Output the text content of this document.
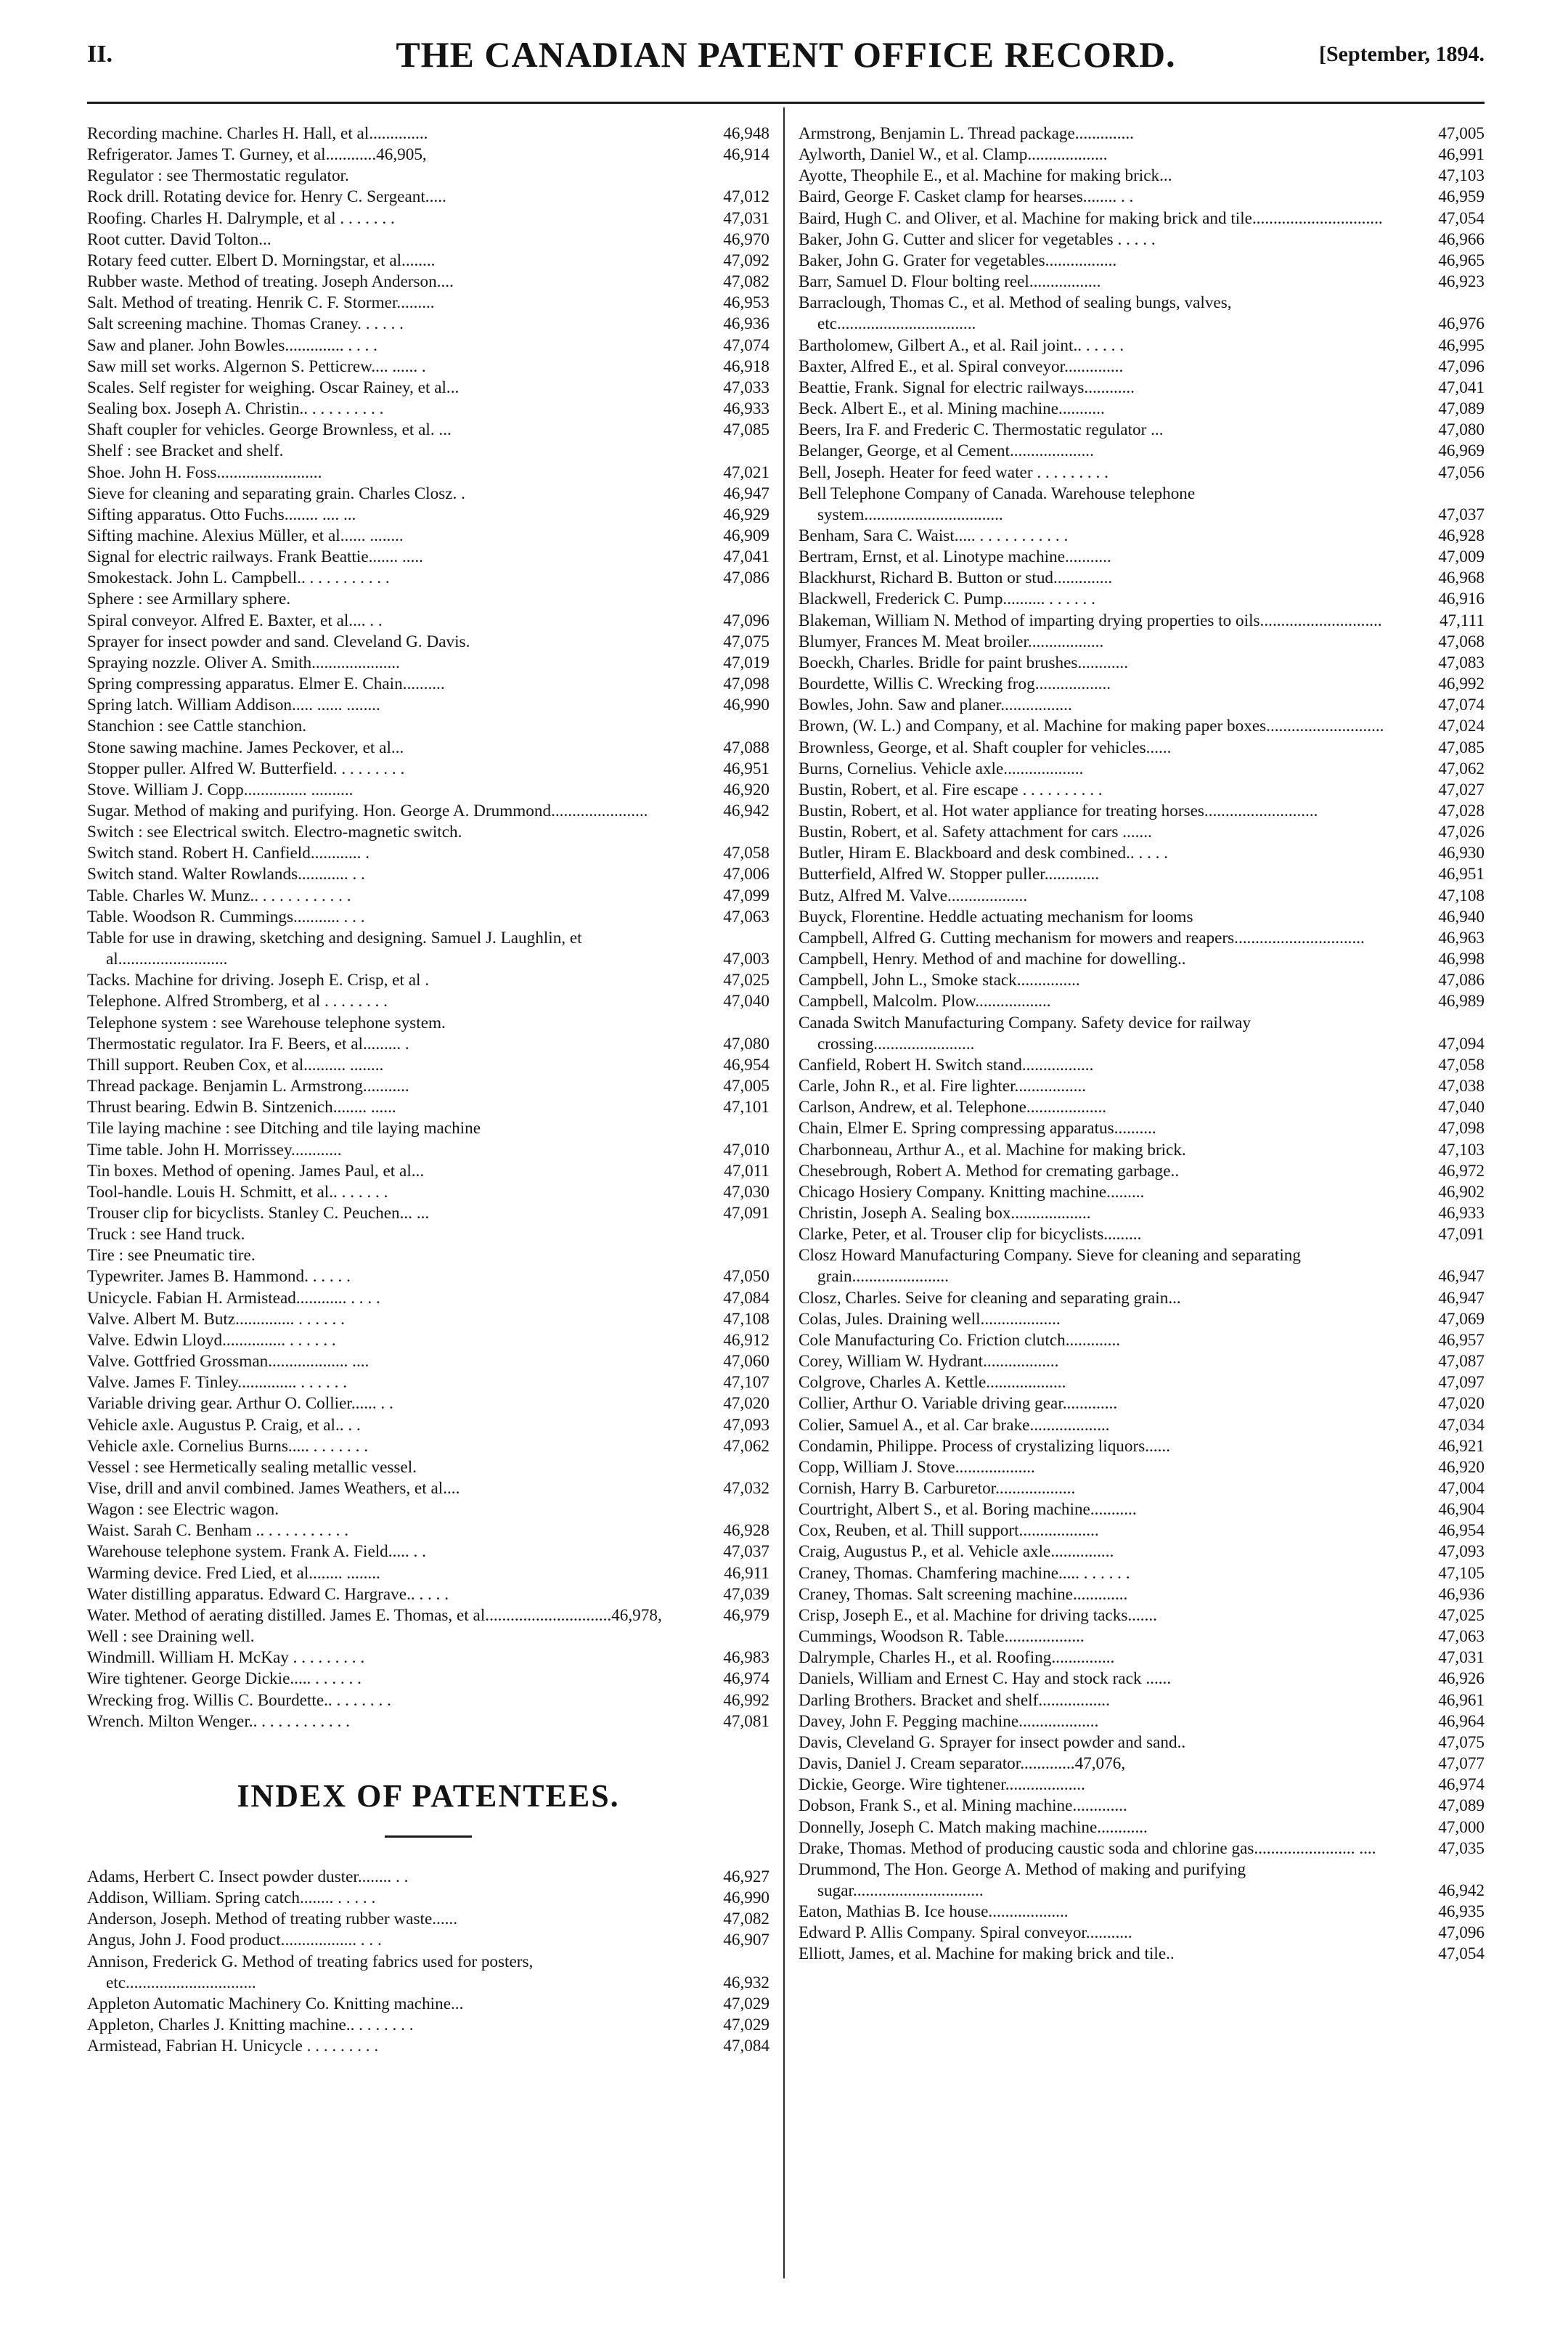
II.	THE CANADIAN PATENT OFFICE RECORD.	[September, 1894.
Recording machine. Charles H. Hall, et al..............	46,948
Refrigerator. James T. Gurney, et al............46,905,	46,914
Regulator : see Thermostatic regulator.
Rock drill. Rotating device for. Henry C. Sergeant.....	47,012
Roofing. Charles H. Dalrymple, et al . . . . . . .	47,031
Root cutter. David Tolton...	46,970
Rotary feed cutter. Elbert D. Morningstar, et al........	47,092
Rubber waste. Method of treating. Joseph Anderson....	47,082
Salt. Method of treating. Henrik C. F. Stormer.........	46,953
Salt screening machine. Thomas Craney. . . . . .	46,936
Saw and planer. John Bowles.............. . . . .	47,074
Saw mill set works. Algernon S. Petticrew.... ...... .	46,918
Scales. Self register for weighing. Oscar Rainey, et al...	47,033
Sealing box. Joseph A. Christin.. . . . . . . . . .	46,933
Shaft coupler for vehicles. George Brownless, et al. ...	47,085
Shelf : see Bracket and shelf.
Shoe. John H. Foss.........................	47,021
Sieve for cleaning and separating grain. Charles Closz. .	46,947
Sifting apparatus. Otto Fuchs........ .... ...	46,929
Sifting machine. Alexius Müller, et al...... ........	46,909
Signal for electric railways. Frank Beattie....... .....	47,041
Smokestack. John L. Campbell.. . . . . . . . . . .	47,086
Sphere : see Armillary sphere.
Spiral conveyor. Alfred E. Baxter, et al.... . .	47,096
Sprayer for insect powder and sand. Cleveland G. Davis.	47,075
Spraying nozzle. Oliver A. Smith.....................	47,019
Spring compressing apparatus. Elmer E. Chain..........	47,098
Spring latch. William Addison..... ...... ........	46,990
Stanchion : see Cattle stanchion.
Stone sawing machine. James Peckover, et al...	47,088
Stopper puller. Alfred W. Butterfield. . . . . . . . .	46,951
Stove. William J. Copp............... ..........	46,920
Sugar. Method of making and purifying. Hon. George A. Drummond.......................	46,942
Switch : see Electrical switch. Electro-magnetic switch.
Switch stand. Robert H. Canfield............ .	47,058
Switch stand. Walter Rowlands............ . .	47,006
Table. Charles W. Munz.. . . . . . . . . . . .	47,099
Table. Woodson R. Cummings........... . . .	47,063
Table for use in drawing, sketching and designing. Samuel J. Laughlin, et al..........................	47,003
Tacks. Machine for driving. Joseph E. Crisp, et al .	47,025
Telephone. Alfred Stromberg, et al . . . . . . . .	47,040
Telephone system : see Warehouse telephone system.
Thermostatic regulator. Ira F. Beers, et al......... .	47,080
Thill support. Reuben Cox, et al.......... ........	46,954
Thread package. Benjamin L. Armstrong...........	47,005
Thrust bearing. Edwin B. Sintzenich........ ......	47,101
Tile laying machine : see Ditching and tile laying machine
Time table. John H. Morrissey............	47,010
Tin boxes. Method of opening. James Paul, et al...	47,011
Tool-handle. Louis H. Schmitt, et al.. . . . . . .	47,030
Trouser clip for bicyclists. Stanley C. Peuchen... ...	47,091
Truck : see Hand truck.
Tire : see Pneumatic tire.
Typewriter. James B. Hammond. . . . . .	47,050
Unicycle. Fabian H. Armistead............ . . . .	47,084
Valve. Albert M. Butz.............. . . . . . .	47,108
Valve. Edwin Lloyd............... . . . . . .	46,912
Valve. Gottfried Grossman................... ....	47,060
Valve. James F. Tinley.............. . . . . . .	47,107
Variable driving gear. Arthur O. Collier...... . .	47,020
Vehicle axle. Augustus P. Craig, et al.. . .	47,093
Vehicle axle. Cornelius Burns..... . . . . . . .	47,062
Vessel : see Hermetically sealing metallic vessel.
Vise, drill and anvil combined. James Weathers, et al....	47,032
Wagon : see Electric wagon.
Waist. Sarah C. Benham .. . . . . . . . . . .	46,928
Warehouse telephone system. Frank A. Field..... . .	47,037
Warming device. Fred Lied, et al........ ........	46,911
Water distilling apparatus. Edward C. Hargrave.. . . . .	47,039
Water. Method of aerating distilled. James E. Thomas, et al..............................46,978,	46,979
Well : see Draining well.
Windmill. William H. McKay . . . . . . . . .	46,983
Wire tightener. George Dickie..... . . . . . .	46,974
Wrecking frog. Willis C. Bourdette.. . . . . . . .	46,992
Wrench. Milton Wenger.. . . . . . . . . . . .	47,081
INDEX OF PATENTEES.
Adams, Herbert C. Insect powder duster........ . .	46,927
Addison, William. Spring catch........ . . . . .	46,990
Anderson, Joseph. Method of treating rubber waste......	47,082
Angus, John J. Food product.................. . . .	46,907
Annison, Frederick G. Method of treating fabrics used for posters, etc...............................	46,932
Appleton Automatic Machinery Co. Knitting machine...	47,029
Appleton, Charles J. Knitting machine.. . . . . . . .	47,029
Armistead, Fabrian H. Unicycle . . . . . . . . .	47,084
Armstrong, Benjamin L. Thread package..............	47,005
Aylworth, Daniel W., et al. Clamp...................	46,991
Ayotte, Theophile E., et al. Machine for making brick...	47,103
Baird, George F. Casket clamp for hearses........ . .	46,959
Baird, Hugh C. and Oliver, et al. Machine for making brick and tile...............................	47,054
Baker, John G. Cutter and slicer for vegetables . . . . .	46,966
Baker, John G. Grater for vegetables.................	46,965
Barr, Samuel D. Flour bolting reel.................	46,923
Barraclough, Thomas C., et al. Method of sealing bungs, valves, etc.................................	46,976
Bartholomew, Gilbert A., et al. Rail joint.. . . . . .	46,995
Baxter, Alfred E., et al. Spiral conveyor..............	47,096
Beattie, Frank. Signal for electric railways............	47,041
Beck. Albert E., et al. Mining machine...........	47,089
Beers, Ira F. and Frederic C. Thermostatic regulator ...	47,080
Belanger, George, et al Cement....................	46,969
Bell, Joseph. Heater for feed water . . . . . . . . .	47,056
Bell Telephone Company of Canada. Warehouse telephone system.................................	47,037
Benham, Sara C. Waist..... . . . . . . . . . . .	46,928
Bertram, Ernst, et al. Linotype machine...........	47,009
Blackhurst, Richard B. Button or stud..............	46,968
Blackwell, Frederick C. Pump.......... . . . . . .	46,916
Blakeman, William N. Method of imparting drying properties to oils.............................	47,111
Blumyer, Frances M. Meat broiler..................	47,068
Boeckh, Charles. Bridle for paint brushes............	47,083
Bourdette, Willis C. Wrecking frog..................	46,992
Bowles, John. Saw and planer.................	47,074
Brown, (W. L.) and Company, et al. Machine for making paper boxes............................	47,024
Brownless, George, et al. Shaft coupler for vehicles......	47,085
Burns, Cornelius. Vehicle axle...................	47,062
Bustin, Robert, et al. Fire escape . . . . . . . . . .	47,027
Bustin, Robert, et al. Hot water appliance for treating horses...........................	47,028
Bustin, Robert, et al. Safety attachment for cars .......	47,026
Butler, Hiram E. Blackboard and desk combined.. . . . .	46,930
Butterfield, Alfred W. Stopper puller.............	46,951
Butz, Alfred M. Valve...................	47,108
Buyck, Florentine. Heddle actuating mechanism for looms	46,940
Campbell, Alfred G. Cutting mechanism for mowers and reapers...............................	46,963
Campbell, Henry. Method of and machine for dowelling..	46,998
Campbell, John L., Smoke stack...............	47,086
Campbell, Malcolm. Plow..................	46,989
Canada Switch Manufacturing Company. Safety device for railway crossing........................	47,094
Canfield, Robert H. Switch stand.................	47,058
Carle, John R., et al. Fire lighter.................	47,038
Carlson, Andrew, et al. Telephone...................	47,040
Chain, Elmer E. Spring compressing apparatus..........	47,098
Charbonneau, Arthur A., et al. Machine for making brick.	47,103
Chesebrough, Robert A. Method for cremating garbage..	46,972
Chicago Hosiery Company. Knitting machine.........	46,902
Christin, Joseph A. Sealing box...................	46,933
Clarke, Peter, et al. Trouser clip for bicyclists.........	47,091
Closz Howard Manufacturing Company. Sieve for cleaning and separating grain.......................	46,947
Closz, Charles. Seive for cleaning and separating grain...	46,947
Colas, Jules. Draining well...................	47,069
Cole Manufacturing Co. Friction clutch.............	46,957
Corey, William W. Hydrant..................	47,087
Colgrove, Charles A. Kettle...................	47,097
Collier, Arthur O. Variable driving gear.............	47,020
Colier, Samuel A., et al. Car brake...................	47,034
Condamin, Philippe. Process of crystalizing liquors......	46,921
Copp, William J. Stove...................	46,920
Cornish, Harry B. Carburetor...................	47,004
Courtright, Albert S., et al. Boring machine...........	46,904
Cox, Reuben, et al. Thill support...................	46,954
Craig, Augustus P., et al. Vehicle axle...............	47,093
Craney, Thomas. Chamfering machine..... . . . . . .	47,105
Craney, Thomas. Salt screening machine.............	46,936
Crisp, Joseph E., et al. Machine for driving tacks.......	47,025
Cummings, Woodson R. Table...................	47,063
Dalrymple, Charles H., et al. Roofing...............	47,031
Daniels, William and Ernest C. Hay and stock rack ......	46,926
Darling Brothers. Bracket and shelf.................	46,961
Davey, John F. Pegging machine...................	46,964
Davis, Cleveland G. Sprayer for insect powder and sand..	47,075
Davis, Daniel J. Cream separator.............47,076,	47,077
Dickie, George. Wire tightener...................	46,974
Dobson, Frank S., et al. Mining machine.............	47,089
Donnelly, Joseph C. Match making machine............	47,000
Drake, Thomas. Method of producing caustic soda and chlorine gas........................ ....	47,035
Drummond, The Hon. George A. Method of making and purifying sugar...............................	46,942
Eaton, Mathias B. Ice house...................	46,935
Edward P. Allis Company. Spiral conveyor...........	47,096
Elliott, James, et al. Machine for making brick and tile..	47,054
